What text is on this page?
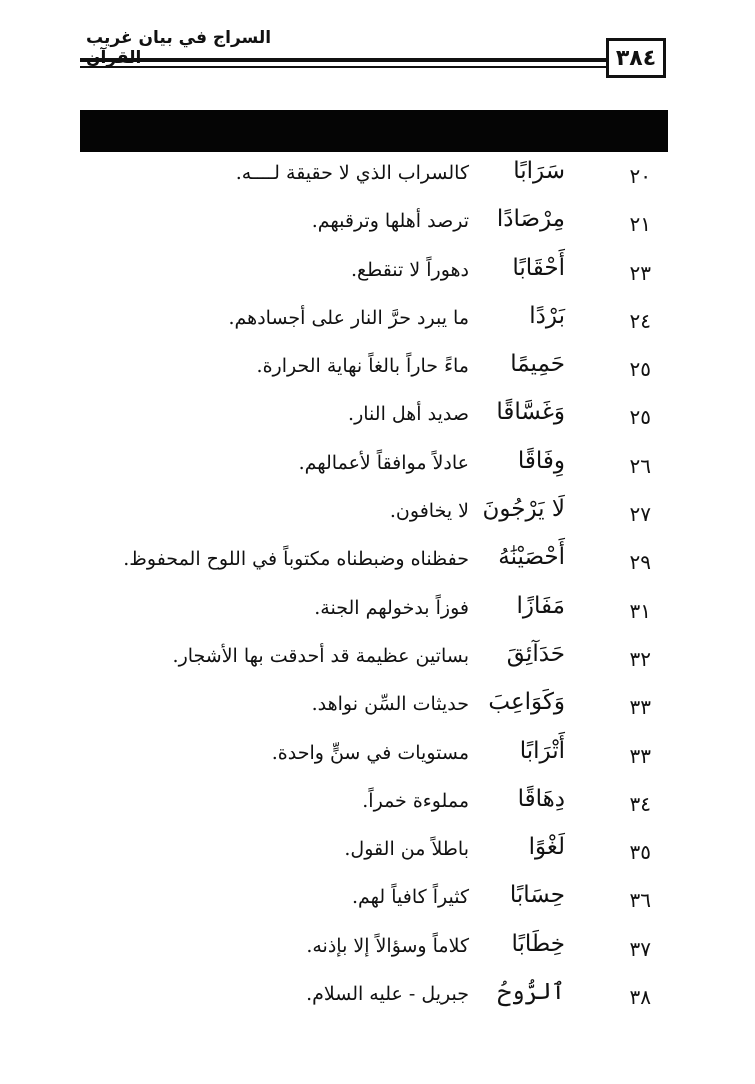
السراج في بيان غريب
٣٨٤
٢٠
سَرَابًا
كالسراب الذي لا حقيقة لــــه.
٢١
مِرْصَادًا
ترصد أهلها وترقبهم.
٢٣
أَحْقَابًا
دهوراً لا تنقطع.
٢٤
بَرْدًا
ما يبرد حرَّ النار على أجسادهم.
٢٥
حَمِيمًا
ماءً حاراً بالغاً نهاية الحرارة.
٢٥
وَغَسَّاقًا
صديد أهل النار.
٢٦
وِفَاقًا
عادلاً موافقاً لأعمالهم.
٢٧
لَا يَرْجُونَ
لا يخافون.
٢٩
أَحْصَيْنَٰهُ
حفظناه وضبطناه مكتوباً في اللوح المحفوظ.
٣١
مَفَازًا
فوزاً بدخولهم الجنة.
٣٢
حَدَآئِقَ
بساتين عظيمة قد أحدقت بها الأشجار.
٣٣
وَكَوَاعِبَ
حديثات السِّن نواهد.
٣٣
أَتْرَابًا
مستويات في سنٍّ واحدة.
٣٤
دِهَاقًا
مملوءة خمراً.
٣٥
لَغْوًا
باطلاً من القول.
٣٦
حِسَابًا
كثيراً كافياً لهم.
٣٧
خِطَابًا
كلاماً وسؤالاً إلا بإذنه.
٣٨
ٱلرُّوحُ
جبريل - عليه السلام.
